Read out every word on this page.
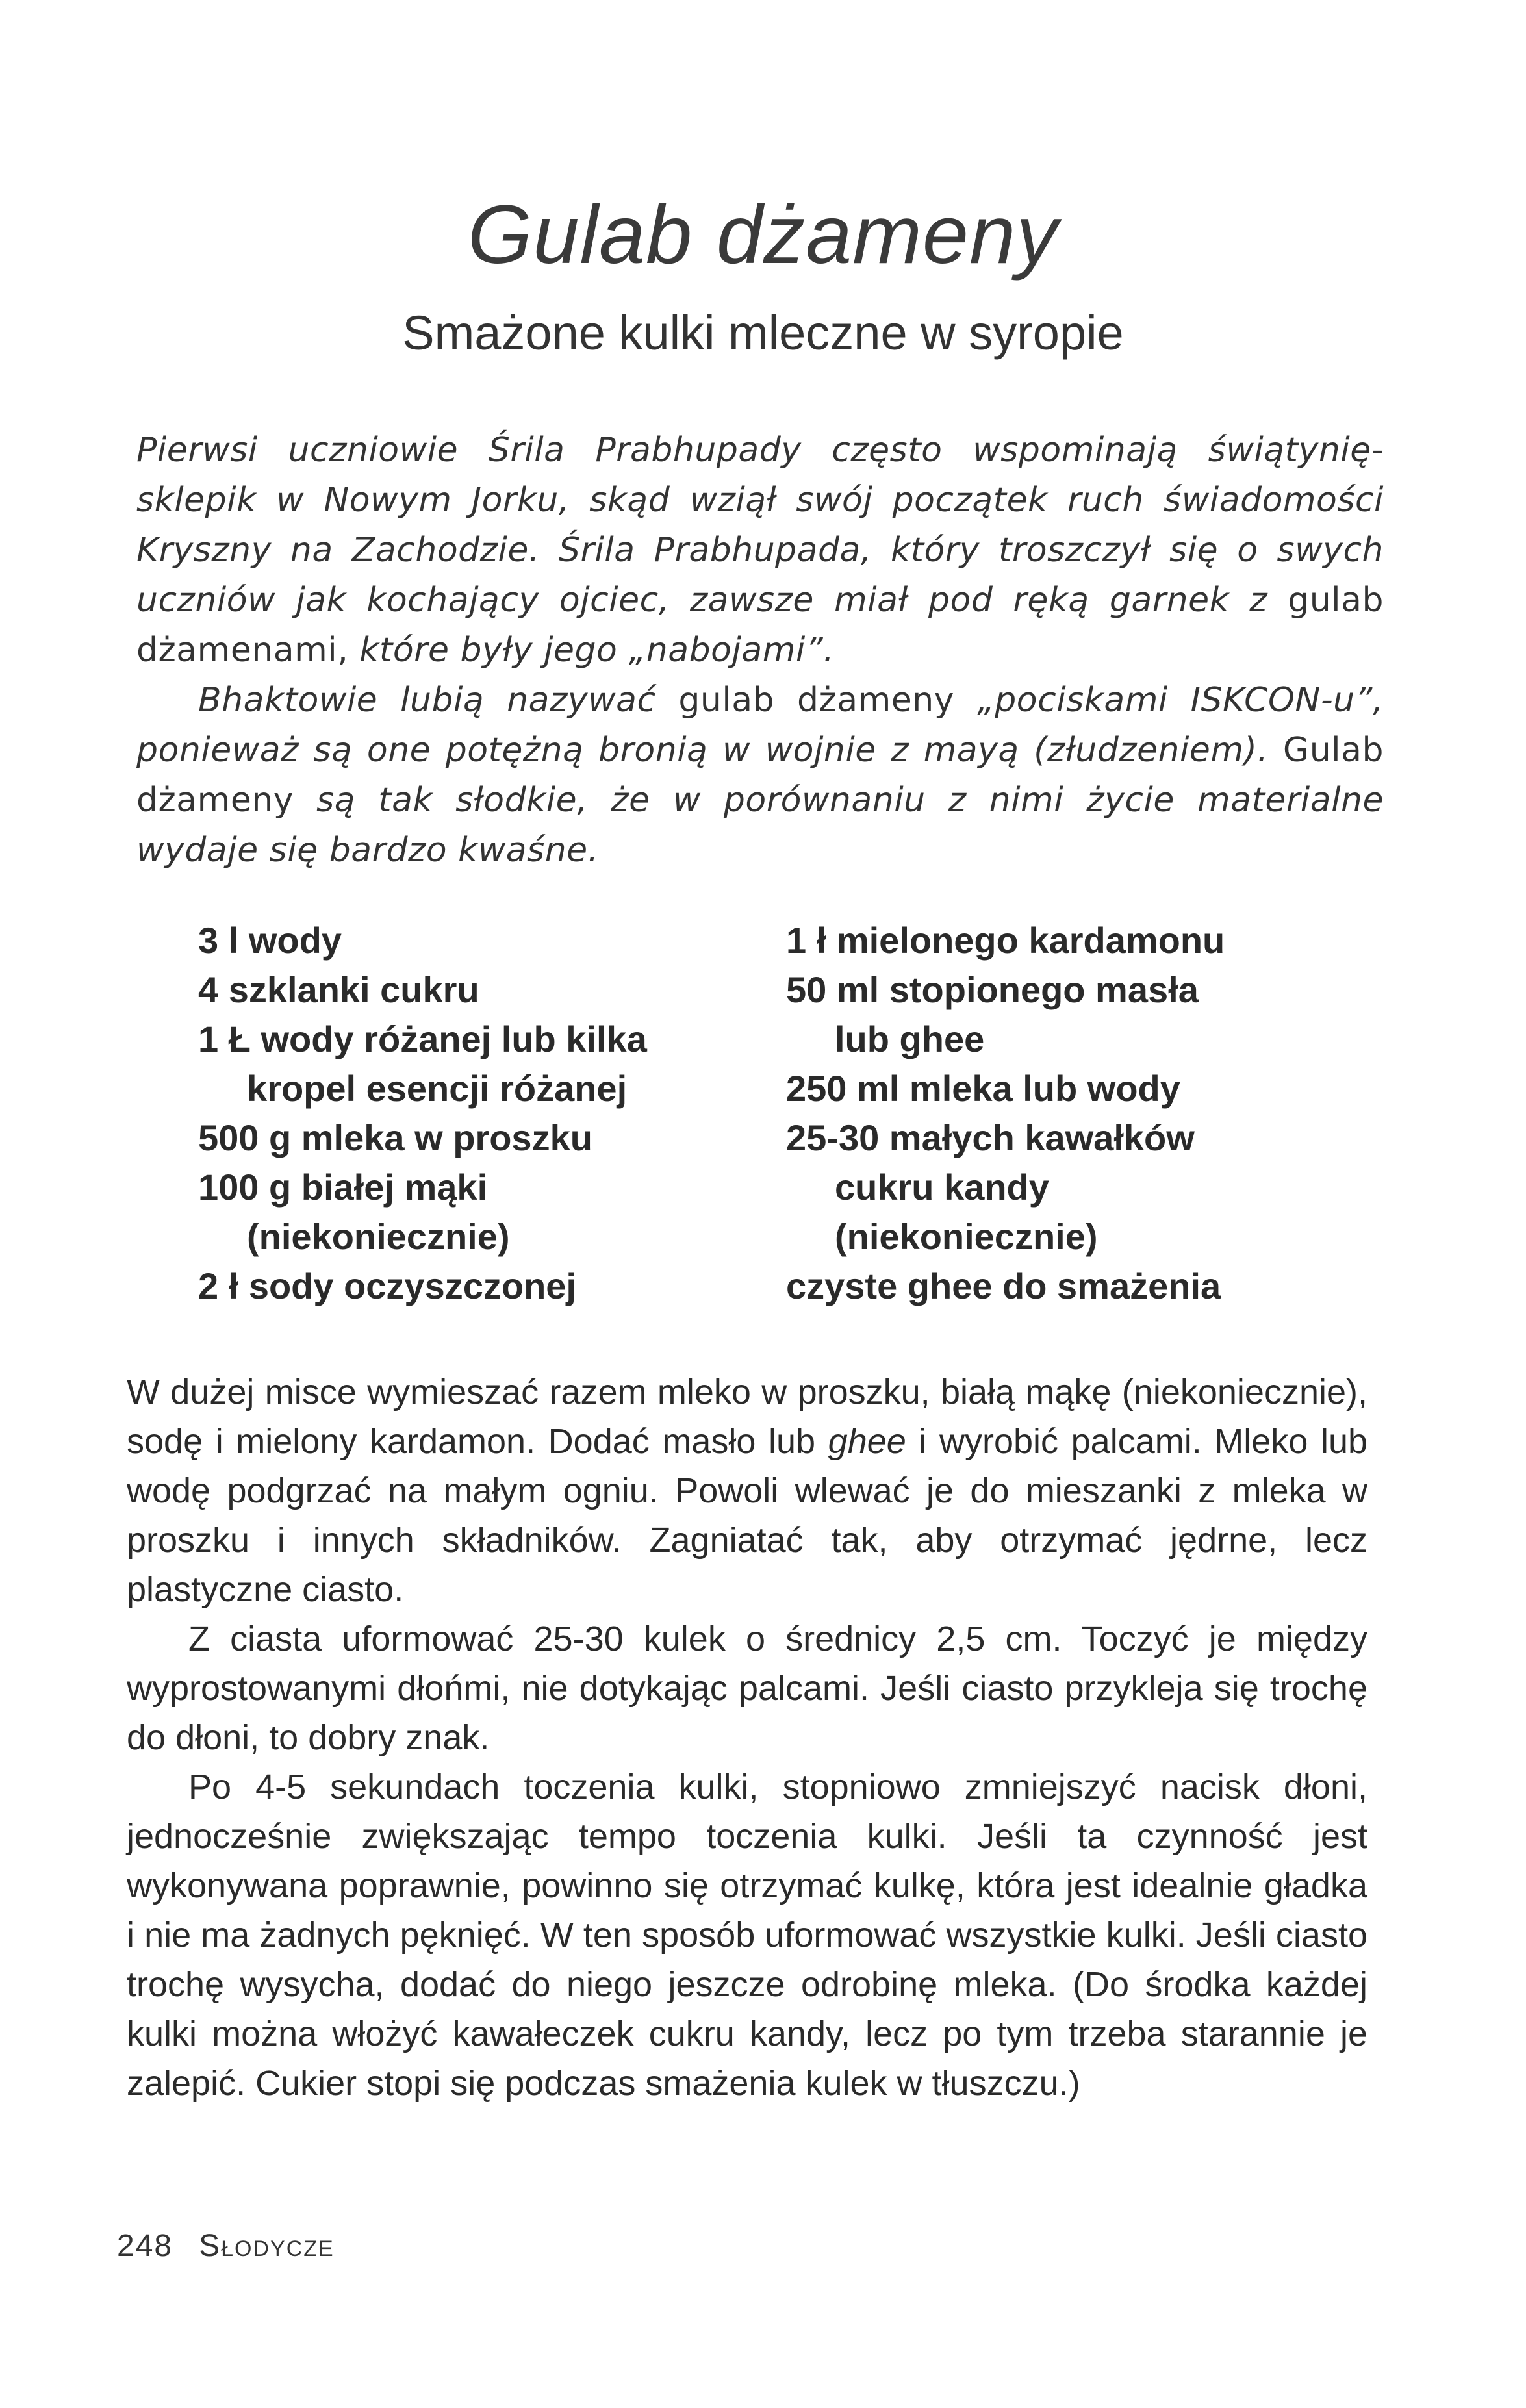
Gulab dżameny
Smażone kulki mleczne w syropie

Pierwsi uczniowie Śrila Prabhupady często wspominają świątynię-sklepik w Nowym Jorku, skąd wziął swój początek ruch świadomości Kryszny na Zachodzie. Śrila Prabhupada, który troszczył się o swych uczniów jak kochający ojciec, zawsze miał pod ręką garnek z gulab dżamenami, które były jego „nabojami”.

Bhaktowie lubią nazywać gulab dżameny „pociskami ISKCON-u”, ponieważ są one potężną bronią w wojnie z mayą (złudzeniem). Gulab dżameny są tak słodkie, że w porównaniu z nimi życie materialne wydaje się bardzo kwaśne.

3 l wody
4 szklanki cukru
1 Ł wody różanej lub kilka
kropel esencji różanej
500 g mleka w proszku
100 g białej mąki
(niekoniecznie)
2 ł sody oczyszczonej
1 ł mielonego kardamonu
50 ml stopionego masła
lub ghee
250 ml mleka lub wody
25-30 małych kawałków
cukru kandy
(niekoniecznie)
czyste ghee do smażenia

W dużej misce wymieszać razem mleko w proszku, białą mąkę (niekoniecznie), sodę i mielony kardamon. Dodać masło lub ghee i wyrobić palcami. Mleko lub wodę podgrzać na małym ogniu. Powoli wlewać je do mieszanki z mleka w proszku i innych składników. Zagniatać tak, aby otrzymać jędrne, lecz plastyczne ciasto.

Z ciasta uformować 25-30 kulek o średnicy 2,5 cm. Toczyć je między wyprostowanymi dłońmi, nie dotykając palcami. Jeśli ciasto przykleja się trochę do dłoni, to dobry znak.

Po 4-5 sekundach toczenia kulki, stopniowo zmniejszyć nacisk dłoni, jednocześnie zwiększając tempo toczenia kulki. Jeśli ta czynność jest wykonywana poprawnie, powinno się otrzymać kulkę, która jest idealnie gładka i nie ma żadnych pęknięć. W ten sposób uformować wszystkie kulki. Jeśli ciasto trochę wysycha, dodać do niego jeszcze odrobinę mleka. (Do środka każdej kulki można włożyć kawałeczek cukru kandy, lecz po tym trzeba starannie je zalepić. Cukier stopi się podczas smażenia kulek w tłuszczu.)

248 Słodycze
